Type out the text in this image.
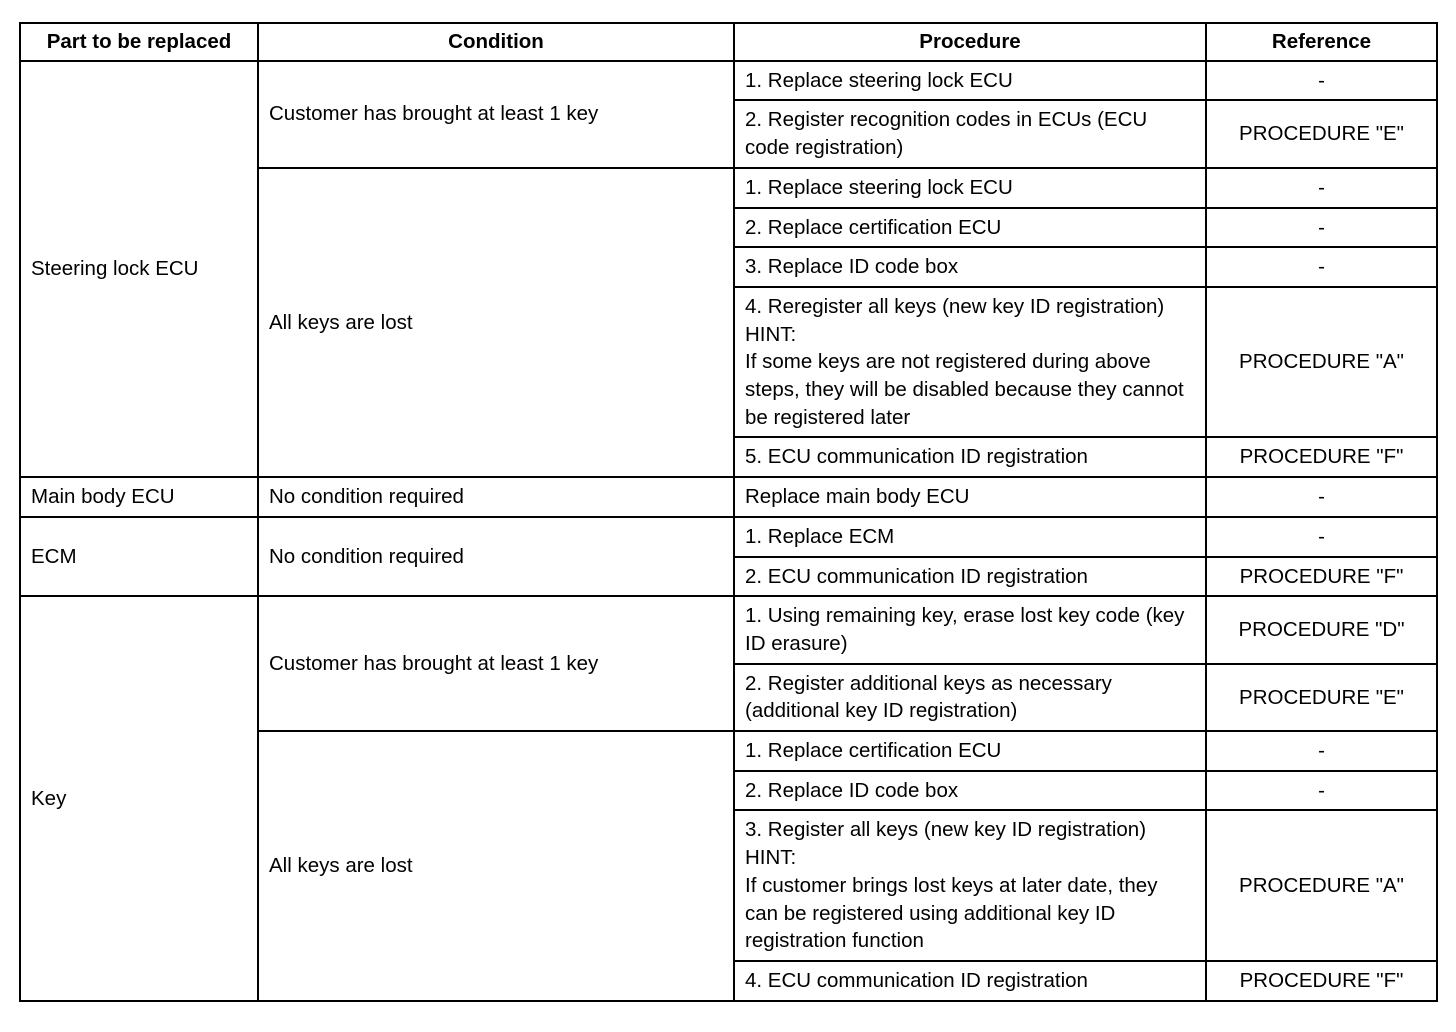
Part to be replaced	Condition	Procedure	Reference
Steering lock ECU	Customer has brought at least 1 key	1. Replace steering lock ECU	-
		2. Register recognition codes in ECUs (ECU code registration)	PROCEDURE "E"
	All keys are lost	1. Replace steering lock ECU	-
		2. Replace certification ECU	-
		3. Replace ID code box	-
		4. Reregister all keys (new key ID registration)
HINT:
If some keys are not registered during above steps, they will be disabled because they cannot be registered later	PROCEDURE "A"
		5. ECU communication ID registration	PROCEDURE "F"
Main body ECU	No condition required	Replace main body ECU	-
ECM	No condition required	1. Replace ECM	-
		2. ECU communication ID registration	PROCEDURE "F"
Key	Customer has brought at least 1 key	1. Using remaining key, erase lost key code (key ID erasure)	PROCEDURE "D"
		2. Register additional keys as necessary (additional key ID registration)	PROCEDURE "E"
	All keys are lost	1. Replace certification ECU	-
		2. Replace ID code box	-
		3. Register all keys (new key ID registration)
HINT:
If customer brings lost keys at later date, they can be registered using additional key ID registration function	PROCEDURE "A"
		4. ECU communication ID registration	PROCEDURE "F"
